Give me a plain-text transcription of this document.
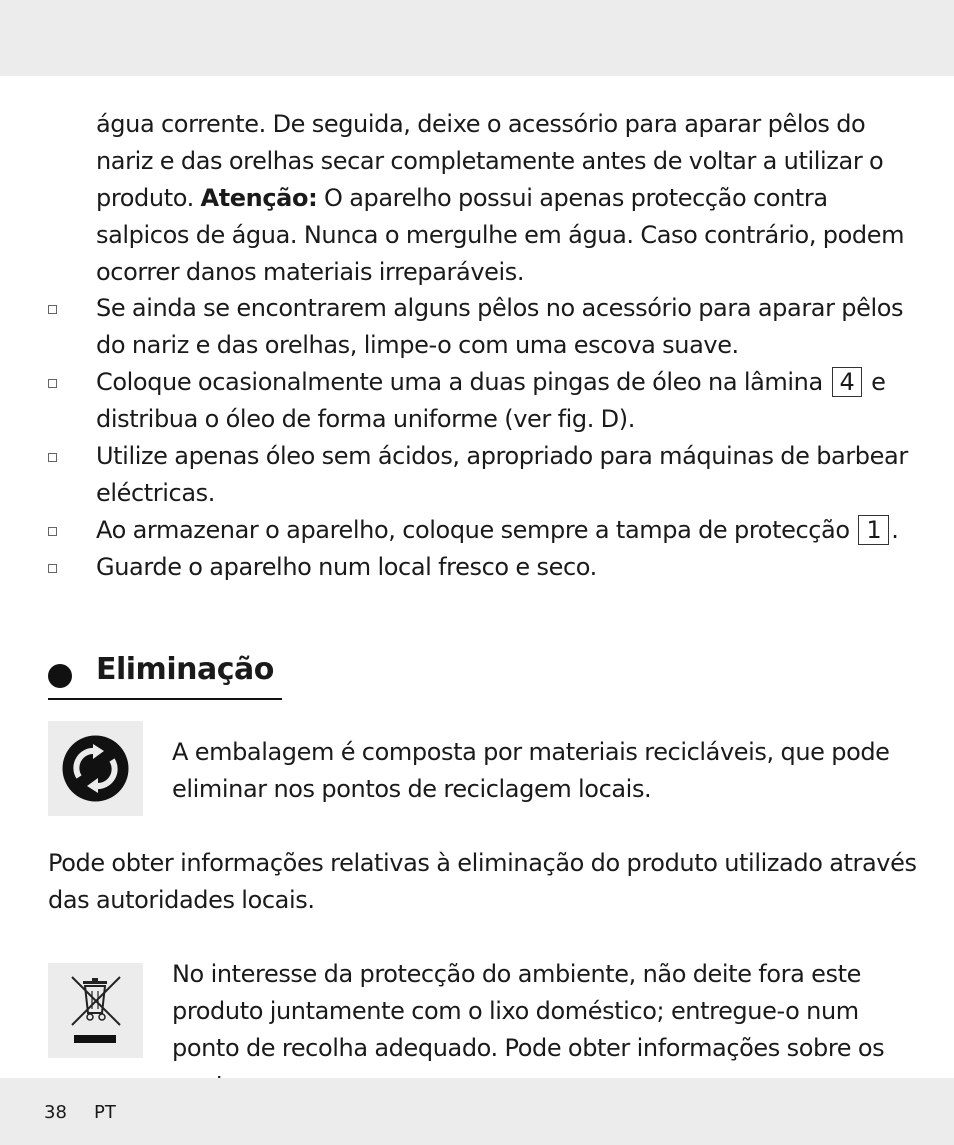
água corrente. De seguida, deixe o acessório para aparar pêlos do nariz e das orelhas secar completamente antes de voltar a utilizar o produto. Atenção: O aparelho possui apenas protecção contra salpicos de água. Nunca o mergulhe em água. Caso contrário, podem ocorrer danos materiais irreparáveis.
Se ainda se encontrarem alguns pêlos no acessório para aparar pêlos do nariz e das orelhas, limpe-o com uma escova suave.
Coloque ocasionalmente uma a duas pingas de óleo na lâmina 4 e distribua o óleo de forma uniforme (ver fig. D).
Utilize apenas óleo sem ácidos, apropriado para máquinas de barbear eléctricas.
Ao armazenar o aparelho, coloque sempre a tampa de protecção 1 .
Guarde o aparelho num local fresco e seco.
Eliminação
A embalagem é composta por materiais recicláveis, que pode eliminar nos pontos de reciclagem locais.
Pode obter informações relativas à eliminação do produto utilizado através das autoridades locais.
No interesse da protecção do ambiente, não deite fora este produto juntamente com o lixo doméstico; entregue-o num ponto de recolha adequado. Pode obter informações sobre os
38 PT
